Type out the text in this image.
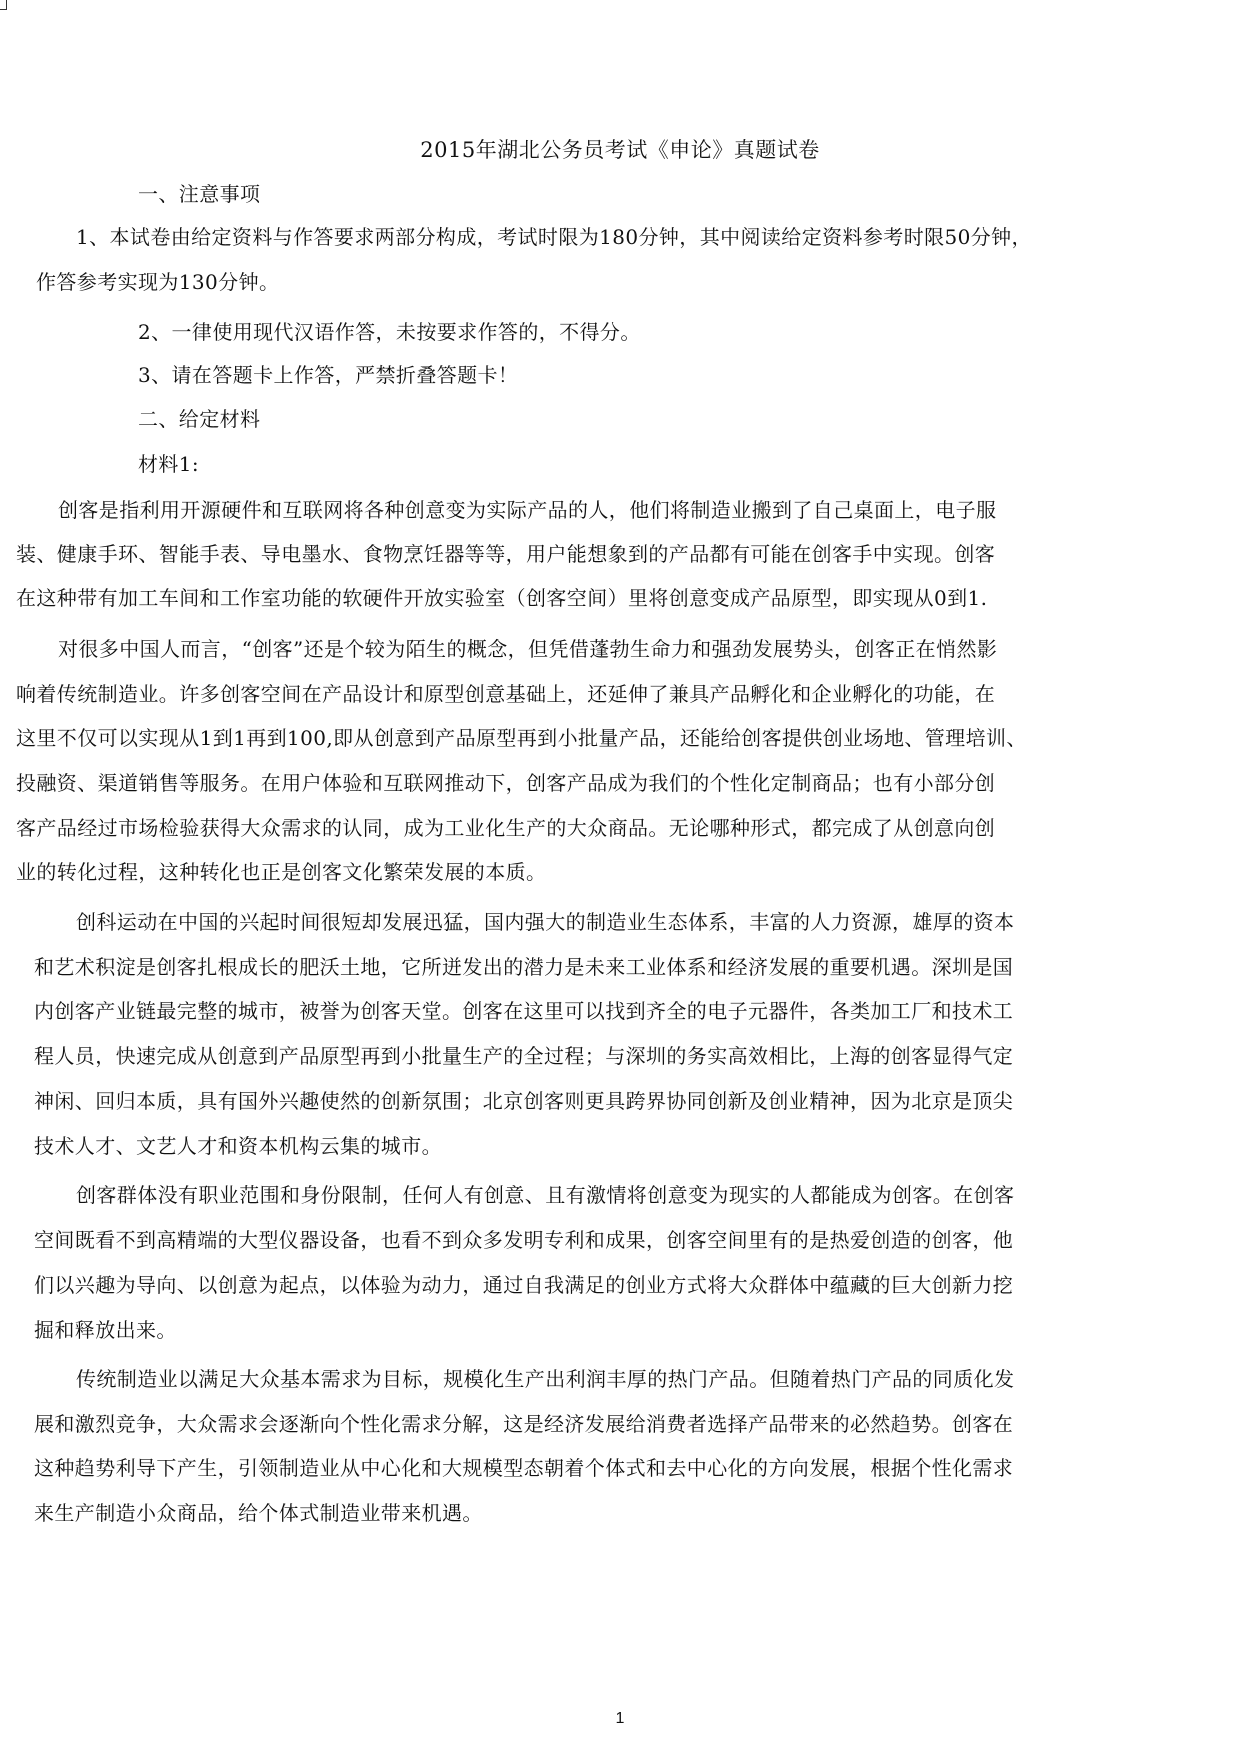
2015年湖北公务员考试《申论》真题试卷
一、注意事项
1、本试卷由给定资料与作答要求两部分构成，考试时限为180分钟，其中阅读给定资料参考时限50分钟，
作答参考实现为130分钟。
2、一律使用现代汉语作答，未按要求作答的，不得分。
3、请在答题卡上作答，严禁折叠答题卡！
二、给定材料
材料1:
创客是指利用开源硬件和互联网将各种创意变为实际产品的人，他们将制造业搬到了自己桌面上，电子服
装、健康手环、智能手表、导电墨水、食物烹饪器等等，用户能想象到的产品都有可能在创客手中实现。创客
在这种带有加工车间和工作室功能的软硬件开放实验室（创客空间）里将创意变成产品原型，即实现从0到1.
对很多中国人而言，“创客”还是个较为陌生的概念，但凭借蓬勃生命力和强劲发展势头，创客正在悄然影
响着传统制造业。许多创客空间在产品设计和原型创意基础上，还延伸了兼具产品孵化和企业孵化的功能，在
这里不仅可以实现从1到1再到100,即从创意到产品原型再到小批量产品，还能给创客提供创业场地、管理培训、
投融资、渠道销售等服务。在用户体验和互联网推动下，创客产品成为我们的个性化定制商品；也有小部分创
客产品经过市场检验获得大众需求的认同，成为工业化生产的大众商品。无论哪种形式，都完成了从创意向创
业的转化过程，这种转化也正是创客文化繁荣发展的本质。
创科运动在中国的兴起时间很短却发展迅猛，国内强大的制造业生态体系，丰富的人力资源，雄厚的资本
和艺术积淀是创客扎根成长的肥沃土地，它所迸发出的潜力是未来工业体系和经济发展的重要机遇。深圳是国
内创客产业链最完整的城市，被誉为创客天堂。创客在这里可以找到齐全的电子元器件，各类加工厂和技术工
程人员，快速完成从创意到产品原型再到小批量生产的全过程；与深圳的务实高效相比，上海的创客显得气定
神闲、回归本质，具有国外兴趣使然的创新氛围；北京创客则更具跨界协同创新及创业精神，因为北京是顶尖
技术人才、文艺人才和资本机构云集的城市。
创客群体没有职业范围和身份限制，任何人有创意、且有激情将创意变为现实的人都能成为创客。在创客
空间既看不到高精端的大型仪器设备，也看不到众多发明专利和成果，创客空间里有的是热爱创造的创客，他
们以兴趣为导向、以创意为起点，以体验为动力，通过自我满足的创业方式将大众群体中蕴藏的巨大创新力挖
掘和释放出来。
传统制造业以满足大众基本需求为目标，规模化生产出利润丰厚的热门产品。但随着热门产品的同质化发
展和激烈竞争，大众需求会逐渐向个性化需求分解，这是经济发展给消费者选择产品带来的必然趋势。创客在
这种趋势利导下产生，引领制造业从中心化和大规模型态朝着个体式和去中心化的方向发展，根据个性化需求
来生产制造小众商品，给个体式制造业带来机遇。
1
